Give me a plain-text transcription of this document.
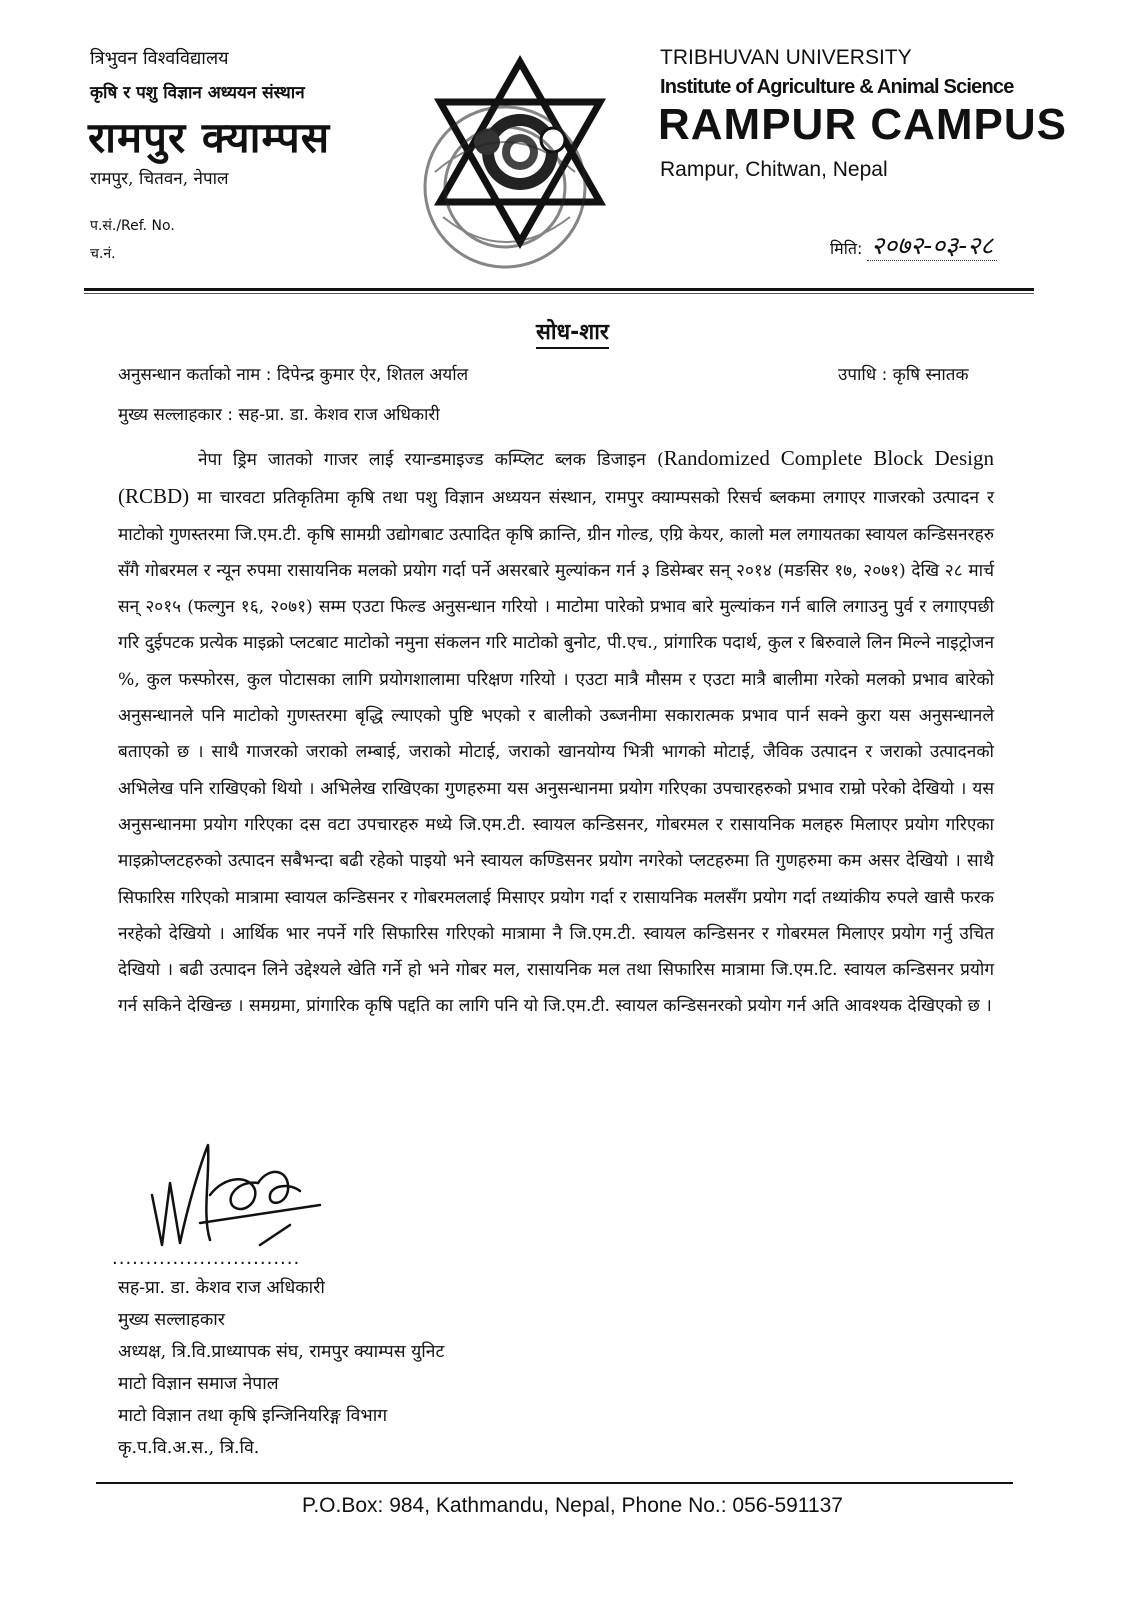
त्रिभुवन विश्वविद्यालय
कृषि र पशु विज्ञान अध्ययन संस्थान
रामपुर क्याम्पस
रामपुर, चितवन, नेपाल
प.सं./Ref. No.
च.नं.
TRIBHUVAN UNIVERSITY
Institute of Agriculture & Animal Science
RAMPUR CAMPUS
Rampur, Chitwan, Nepal
मिति: २०७२-०३-२८
सोध-शार
अनुसन्धान कर्ताको नाम : दिपेन्द्र कुमार ऐर, शितल अर्याल	उपाधि : कृषि स्नातक
मुख्य सल्लाहकार : सह-प्रा. डा. केशव राज अधिकारी
नेपा ड्रिम जातको गाजर लाई रयान्डमाइज्ड कम्प्लिट ब्लक डिजाइन (Randomized Complete Block Design (RCBD) मा चारवटा प्रतिकृतिमा कृषि तथा पशु विज्ञान अध्ययन संस्थान, रामपुर क्याम्पसको रिसर्च ब्लकमा लगाएर गाजरको उत्पादन र माटोको गुणस्तरमा जि.एम.टी. कृषि सामग्री उद्योगबाट उत्पादित कृषि क्रान्ति, ग्रीन गोल्ड, एग्रि केयर, कालो मल लगायतका स्वायल कन्डिसनरहरु सँगै गोबरमल र न्यून रुपमा रासायनिक मलको प्रयोग गर्दा पर्ने असरबारे मुल्यांकन गर्न ३ डिसेम्बर सन् २०१४ (मङसिर १७, २०७१) देखि २८ मार्च सन् २०१५ (फल्गुन १६, २०७१) सम्म एउटा फिल्ड अनुसन्धान गरियो । माटोमा पारेको प्रभाव बारे मुल्यांकन गर्न बालि लगाउनु पुर्व र लगाएपछी गरि दुईपटक प्रत्येक माइक्रो प्लटबाट माटोको नमुना संकलन गरि माटोको बुनोट, पी.एच., प्रांगारिक पदार्थ, कुल र बिरुवाले लिन मिल्ने नाइट्रोजन %, कुल फस्फोरस, कुल पोटासका लागि प्रयोगशालामा परिक्षण गरियो । एउटा मात्रै मौसम र एउटा मात्रै बालीमा गरेको मलको प्रभाव बारेको अनुसन्धानले पनि माटोको गुणस्तरमा बृद्धि ल्याएको पुष्टि भएको र बालीको उब्जनीमा सकारात्मक प्रभाव पार्न सक्ने कुरा यस अनुसन्धानले बताएको छ । साथै गाजरको जराको लम्बाई, जराको मोटाई, जराको खानयोग्य भित्री भागको मोटाई, जैविक उत्पादन र जराको उत्पादनको अभिलेख पनि राखिएको थियो । अभिलेख राखिएका गुणहरुमा यस अनुसन्धानमा प्रयोग गरिएका उपचारहरुको प्रभाव राम्रो परेको देखियो । यस अनुसन्धानमा प्रयोग गरिएका दस वटा उपचारहरु मध्ये जि.एम.टी. स्वायल कन्डिसनर, गोबरमल र रासायनिक मलहरु मिलाएर प्रयोग गरिएका माइक्रोप्लटहरुको उत्पादन सबैभन्दा बढी रहेको पाइयो भने स्वायल कण्डिसनर प्रयोग नगरेको प्लटहरुमा ति गुणहरुमा कम असर देखियो । साथै सिफारिस गरिएको मात्रामा स्वायल कन्डिसनर र गोबरमललाई मिसाएर प्रयोग गर्दा र रासायनिक मलसँग प्रयोग गर्दा तथ्यांकीय रुपले खासै फरक नरहेको देखियो । आर्थिक भार नपर्ने गरि सिफारिस गरिएको मात्रामा नै जि.एम.टी. स्वायल कन्डिसनर र गोबरमल मिलाएर प्रयोग गर्नु उचित देखियो । बढी उत्पादन लिने उद्देश्यले खेति गर्ने हो भने गोबर मल, रासायनिक मल तथा सिफारिस मात्रामा जि.एम.टि. स्वायल कन्डिसनर प्रयोग गर्न सकिने देखिन्छ । समग्रमा, प्रांगारिक कृषि पद्दति का लागि पनि यो जि.एम.टी. स्वायल कन्डिसनरको प्रयोग गर्न अति आवश्यक देखिएको छ ।
............................
सह-प्रा. डा. केशव राज अधिकारी
मुख्य सल्लाहकार
अध्यक्ष, त्रि.वि.प्राध्यापक संघ, रामपुर क्याम्पस युनिट
माटो विज्ञान समाज नेपाल
माटो विज्ञान तथा कृषि इन्जिनियरिङ्ग विभाग
कृ.प.वि.अ.स., त्रि.वि.
P.O.Box: 984, Kathmandu, Nepal, Phone No.: 056-591137
